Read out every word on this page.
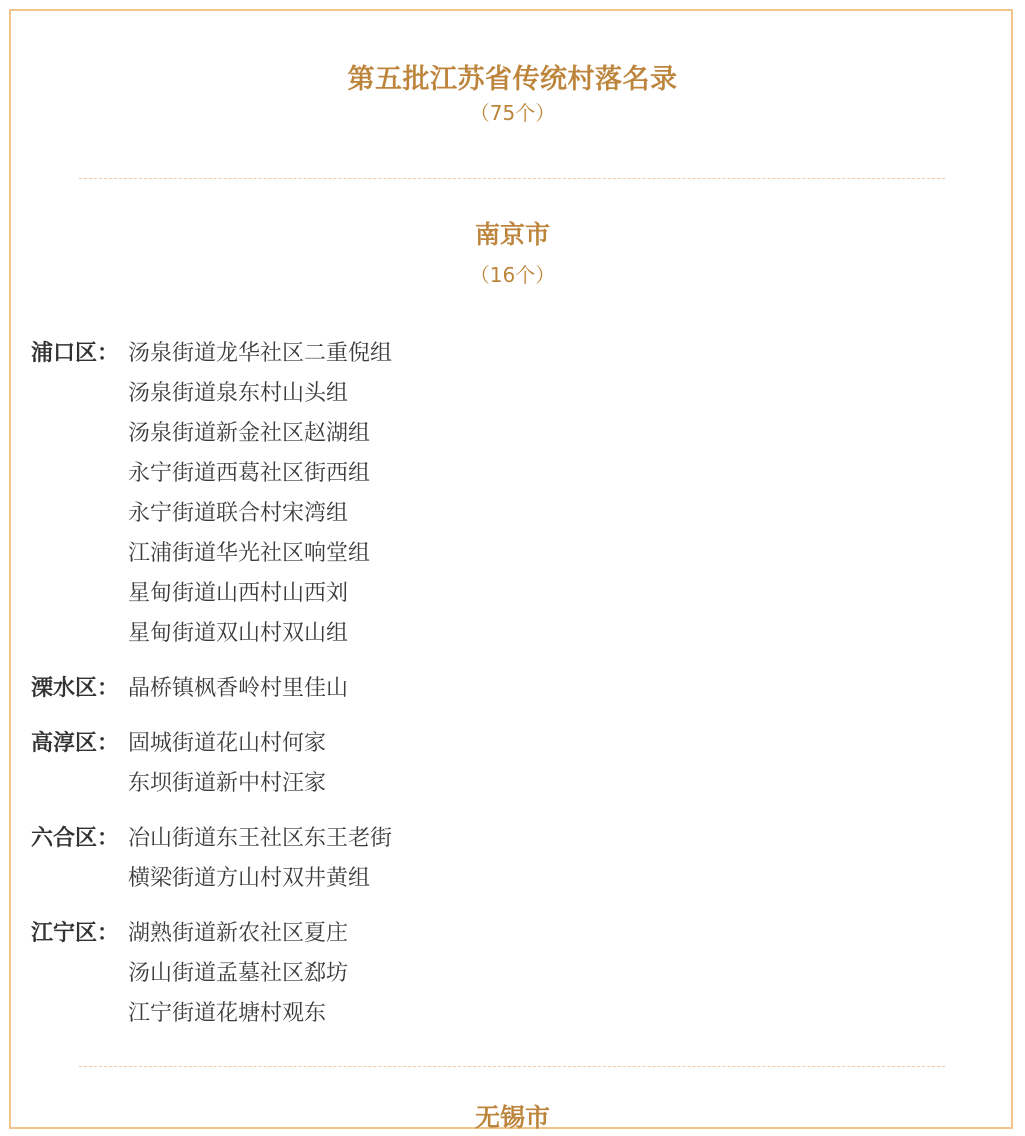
第五批江苏省传统村落名录
（75个）
南京市
（16个）
浦口区： 汤泉街道龙华社区二重倪组
汤泉街道泉东村山头组
汤泉街道新金社区赵湖组
永宁街道西葛社区街西组
永宁街道联合村宋湾组
江浦街道华光社区响堂组
星甸街道山西村山西刘
星甸街道双山村双山组
溧水区： 晶桥镇枫香岭村里佳山
高淳区： 固城街道花山村何家
东坝街道新中村汪家
六合区： 冶山街道东王社区东王老街
横梁街道方山村双井黄组
江宁区： 湖熟街道新农社区夏庄
汤山街道孟墓社区郄坊
江宁街道花塘村观东
无锡市
